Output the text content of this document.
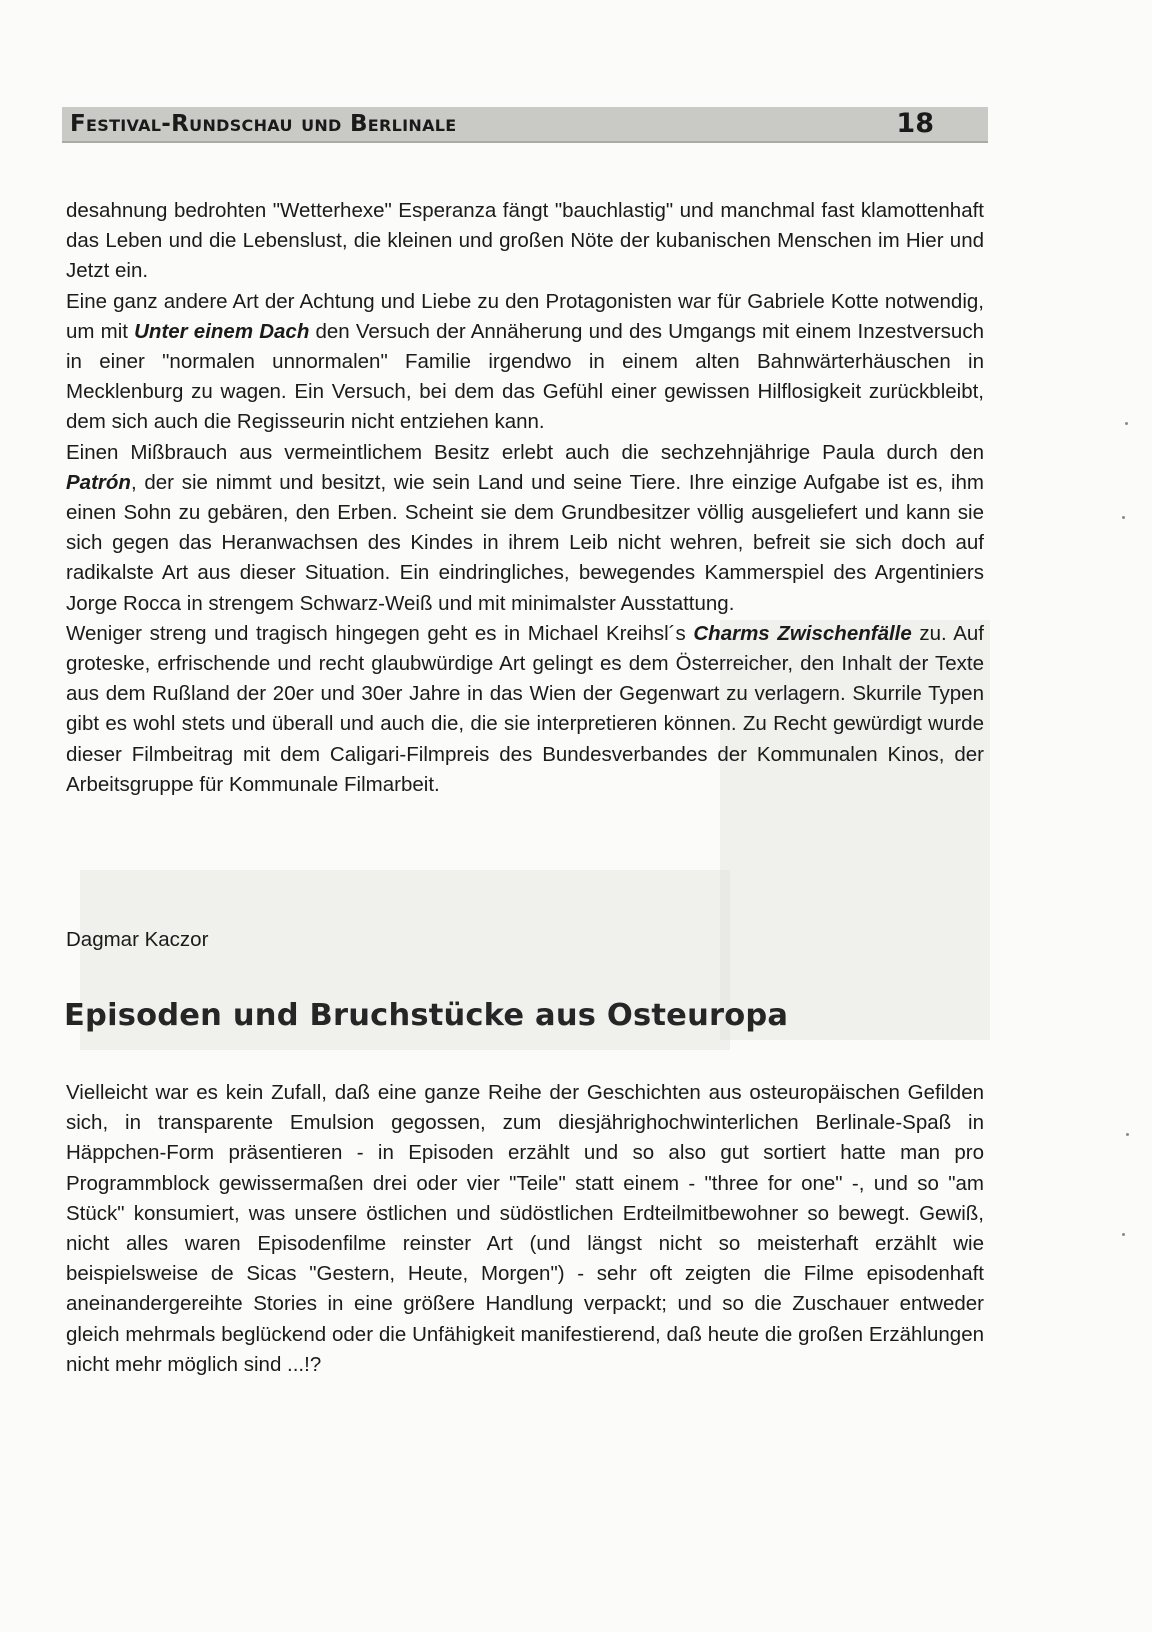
Festival-Rundschau und Berlinale	18

desahnung bedrohten "Wetterhexe" Esperanza fängt "bauchlastig" und manchmal fast klamottenhaft das Leben und die Lebenslust, die kleinen und großen Nöte der kubanischen Menschen im Hier und Jetzt ein.

Eine ganz andere Art der Achtung und Liebe zu den Protagonisten war für Gabriele Kotte notwendig, um mit Unter einem Dach den Versuch der Annäherung und des Umgangs mit einem Inzestversuch in einer "normalen unnormalen" Familie irgendwo in einem alten Bahnwärterhäuschen in Mecklenburg zu wagen. Ein Versuch, bei dem das Gefühl einer gewissen Hilflosigkeit zurückbleibt, dem sich auch die Regisseurin nicht entziehen kann.

Einen Mißbrauch aus vermeintlichem Besitz erlebt auch die sechzehnjährige Paula durch den Patrón, der sie nimmt und besitzt, wie sein Land und seine Tiere. Ihre einzige Aufgabe ist es, ihm einen Sohn zu gebären, den Erben. Scheint sie dem Grundbesitzer völlig ausgeliefert und kann sie sich gegen das Heranwachsen des Kindes in ihrem Leib nicht wehren, befreit sie sich doch auf radikalste Art aus dieser Situation. Ein eindringliches, bewegendes Kammerspiel des Argentiniers Jorge Rocca in strengem Schwarz-Weiß und mit minimalster Ausstattung.

Weniger streng und tragisch hingegen geht es in Michael Kreihsl´s Charms Zwischenfälle zu. Auf groteske, erfrischende und recht glaubwürdige Art gelingt es dem Österreicher, den Inhalt der Texte aus dem Rußland der 20er und 30er Jahre in das Wien der Gegenwart zu verlagern. Skurrile Typen gibt es wohl stets und überall und auch die, die sie interpretieren können. Zu Recht gewürdigt wurde dieser Filmbeitrag mit dem Caligari-Filmpreis des Bundesverbandes der Kommunalen Kinos, der Arbeitsgruppe für Kommunale Filmarbeit.

Dagmar Kaczor
Episoden und Bruchstücke aus Osteuropa

Vielleicht war es kein Zufall, daß eine ganze Reihe der Geschichten aus osteuropäischen Gefilden sich, in transparente Emulsion gegossen, zum diesjährighochwinterlichen Berlinale-Spaß in Häppchen-Form präsentieren - in Episoden erzählt und so also gut sortiert hatte man pro Programmblock gewissermaßen drei oder vier "Teile" statt einem - "three for one" -, und so "am Stück" konsumiert, was unsere östlichen und südöstlichen Erdteilmitbewohner so bewegt. Gewiß, nicht alles waren Episodenfilme reinster Art (und längst nicht so meisterhaft erzählt wie beispielsweise de Sicas "Gestern, Heute, Morgen") - sehr oft zeigten die Filme episodenhaft aneinandergereihte Stories in eine größere Handlung verpackt; und so die Zuschauer entweder gleich mehrmals beglückend oder die Unfähigkeit manifestierend, daß heute die großen Erzählungen nicht mehr möglich sind ...!?
